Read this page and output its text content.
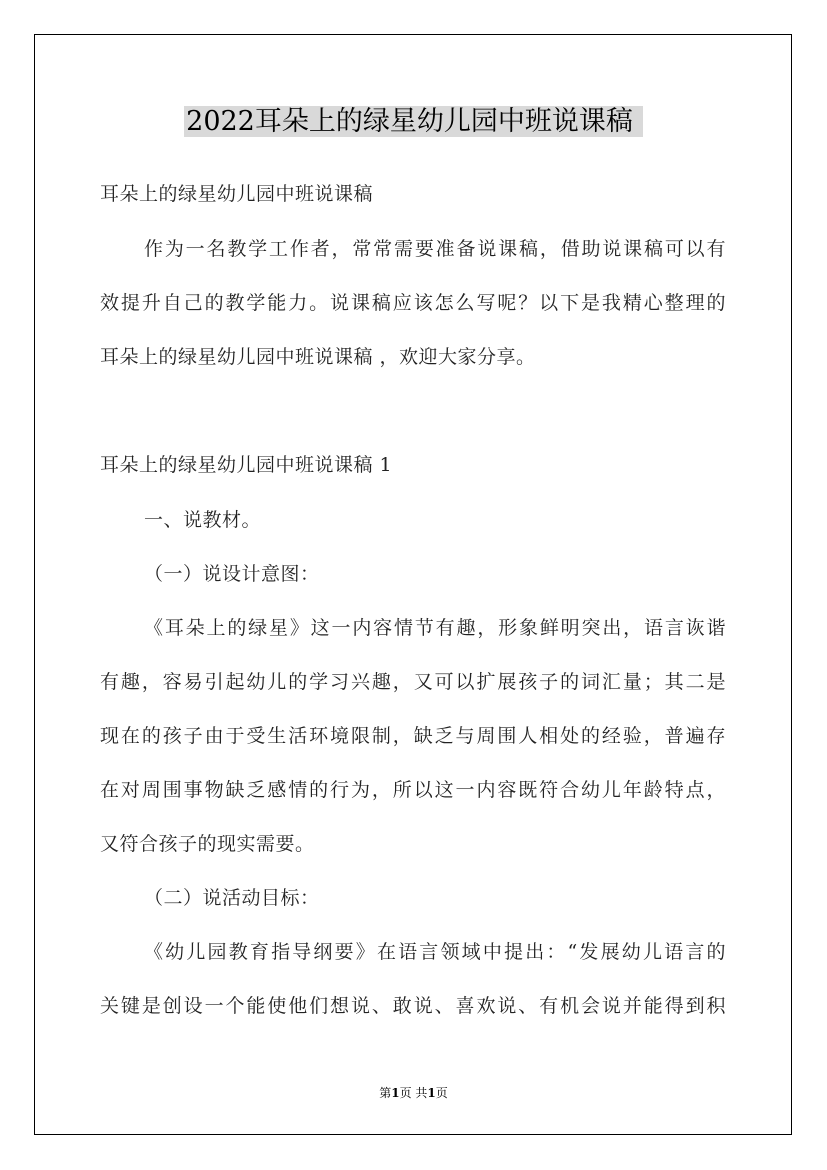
2022耳朵上的绿星幼儿园中班说课稿
耳朵上的绿星幼儿园中班说课稿
作为一名教学工作者，常常需要准备说课稿，借助说课稿可以有
效提升自己的教学能力。说课稿应该怎么写呢？以下是我精心整理的
耳朵上的绿星幼儿园中班说课稿 ，欢迎大家分享。
耳朵上的绿星幼儿园中班说课稿 1
一、说教材。
（一）说设计意图：
《耳朵上的绿星》这一内容情节有趣，形象鲜明突出，语言诙谐
有趣，容易引起幼儿的学习兴趣，又可以扩展孩子的词汇量；其二是
现在的孩子由于受生活环境限制，缺乏与周围人相处的经验，普遍存
在对周围事物缺乏感情的行为，所以这一内容既符合幼儿年龄特点，
又符合孩子的现实需要。
（二）说活动目标：
《幼儿园教育指导纲要》在语言领域中提出：“发展幼儿语言的
关键是创设一个能使他们想说、敢说、喜欢说、有机会说并能得到积
第1页 共1页
